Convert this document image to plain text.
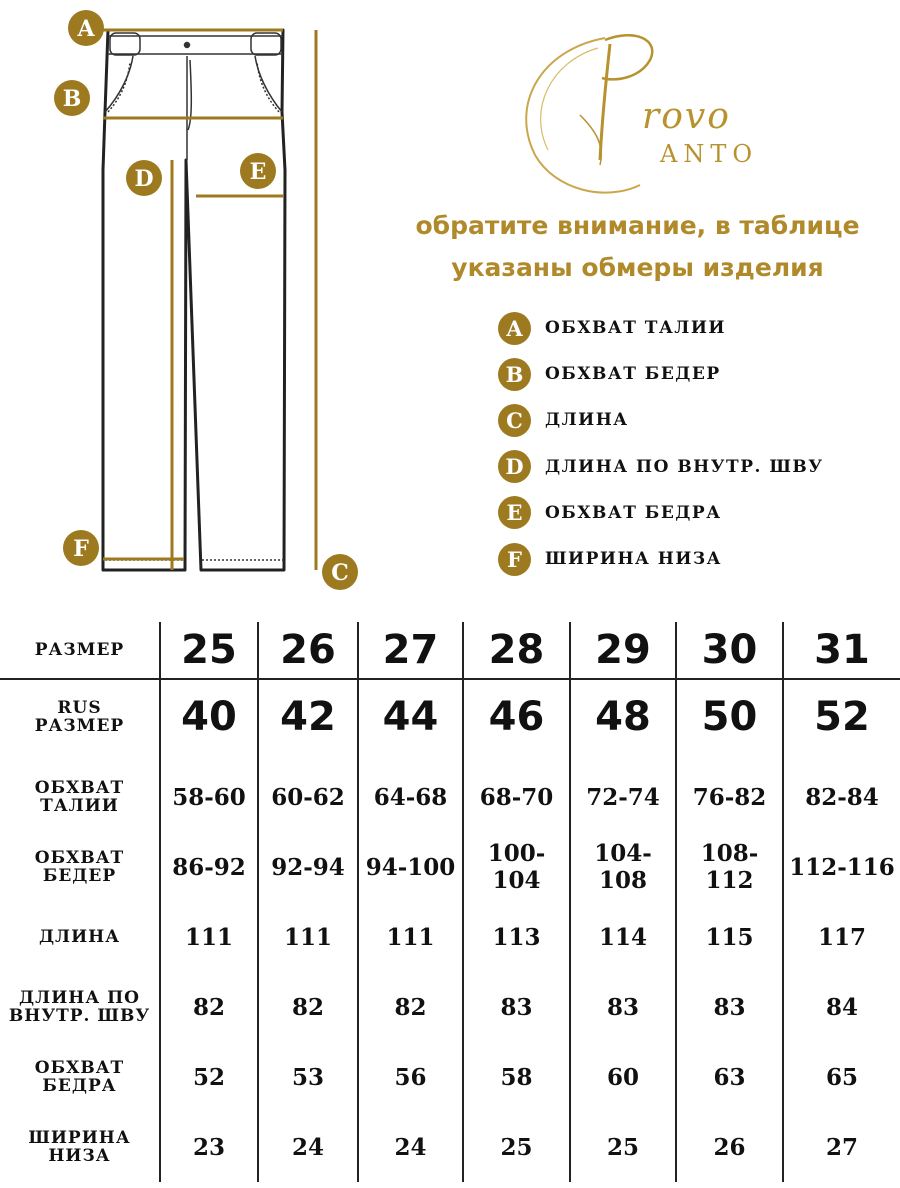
A
B
D	E
F
C
rovo
ANTO
обратите внимание, в таблице
указаны обмеры изделия
A	ОБХВАТ ТАЛИИ
B	ОБХВАТ БЕДЕР
C	ДЛИНА
D	ДЛИНА ПО ВНУТР. ШВУ
E	ОБХВАТ БЕДРА
F	ШИРИНА НИЗА
РАЗМЕР	25	26	27	28	29	30	31

RUS
РАЗМЕР	40	42	44	46	48	50	52

ОБХВАТ
ТАЛИИ	58-60	60-62	64-68	68-70	72-74	76-82	82-84

ОБХВАТ
БЕДЕР	86-92	92-94	94-100	100-104	104-108	108-112	112-116

ДЛИНА	111	111	111	113	114	115	117

ДЛИНА ПО
ВНУТР. ШВУ	82	82	82	83	83	83	84

ОБХВАТ
БЕДРА	52	53	56	58	60	63	65

ШИРИНА
НИЗА	23	24	24	25	25	26	27
